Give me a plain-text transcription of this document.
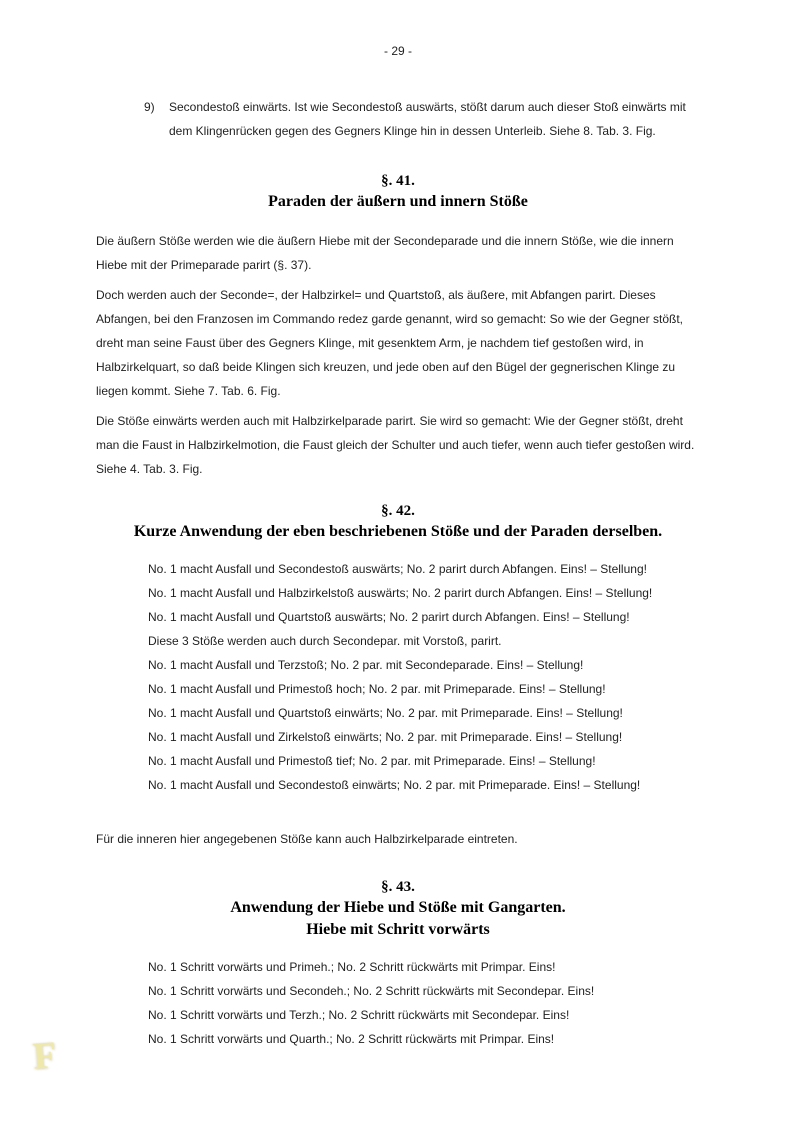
- 29 -
9)	Secondestoß einwärts. Ist wie Secondestoß auswärts, stößt darum auch dieser Stoß einwärts mit dem Klingenrücken gegen des Gegners Klinge hin in dessen Unterleib. Siehe 8. Tab. 3. Fig.
§. 41.
Paraden der äußern und innern Stöße

Die äußern Stöße werden wie die äußern Hiebe mit der Secondeparade und die innern Stöße, wie die innern Hiebe mit der Primeparade parirt (§. 37).

Doch werden auch der Seconde=, der Halbzirkel= und Quartstoß, als äußere, mit Abfangen parirt. Dieses Abfangen, bei den Franzosen im Commando redez garde genannt, wird so gemacht: So wie der Gegner stößt, dreht man seine Faust über des Gegners Klinge, mit gesenktem Arm, je nachdem tief gestoßen wird, in Halbzirkelquart, so daß beide Klingen sich kreuzen, und jede oben auf den Bügel der gegnerischen Klinge zu liegen kommt. Siehe 7. Tab. 6. Fig.

Die Stöße einwärts werden auch mit Halbzirkelparade parirt. Sie wird so gemacht: Wie der Gegner stößt, dreht man die Faust in Halbzirkelmotion, die Faust gleich der Schulter und auch tiefer, wenn auch tiefer gestoßen wird. Siehe 4. Tab. 3. Fig.

§. 42.
Kurze Anwendung der eben beschriebenen Stöße und der Paraden derselben.
No. 1 macht Ausfall und Secondestoß auswärts; No. 2 parirt durch Abfangen. Eins! – Stellung!
No. 1 macht Ausfall und Halbzirkelstoß auswärts; No. 2 parirt durch Abfangen. Eins! – Stellung!
No. 1 macht Ausfall und Quartstoß auswärts; No. 2 parirt durch Abfangen. Eins! – Stellung!
Diese 3 Stöße werden auch durch Secondepar. mit Vorstoß, parirt.
No. 1 macht Ausfall und Terzstoß; No. 2 par. mit Secondeparade. Eins! – Stellung!
No. 1 macht Ausfall und Primestoß hoch; No. 2 par. mit Primeparade. Eins! – Stellung!
No. 1 macht Ausfall und Quartstoß einwärts; No. 2 par. mit Primeparade. Eins! – Stellung!
No. 1 macht Ausfall und Zirkelstoß einwärts; No. 2 par. mit Primeparade. Eins! – Stellung!
No. 1 macht Ausfall und Primestoß tief; No. 2 par. mit Primeparade. Eins! – Stellung!
No. 1 macht Ausfall und Secondestoß einwärts; No. 2 par. mit Primeparade. Eins! – Stellung!

Für die inneren hier angegebenen Stöße kann auch Halbzirkelparade eintreten.

§. 43.
Anwendung der Hiebe und Stöße mit Gangarten.
Hiebe mit Schritt vorwärts
No. 1 Schritt vorwärts und Primeh.; No. 2 Schritt rückwärts mit Primpar. Eins!
No. 1 Schritt vorwärts und Secondeh.; No. 2 Schritt rückwärts mit Secondepar. Eins!
No. 1 Schritt vorwärts und Terzh.; No. 2 Schritt rückwärts mit Secondepar. Eins!
No. 1 Schritt vorwärts und Quarth.; No. 2 Schritt rückwärts mit Primpar. Eins!
F
